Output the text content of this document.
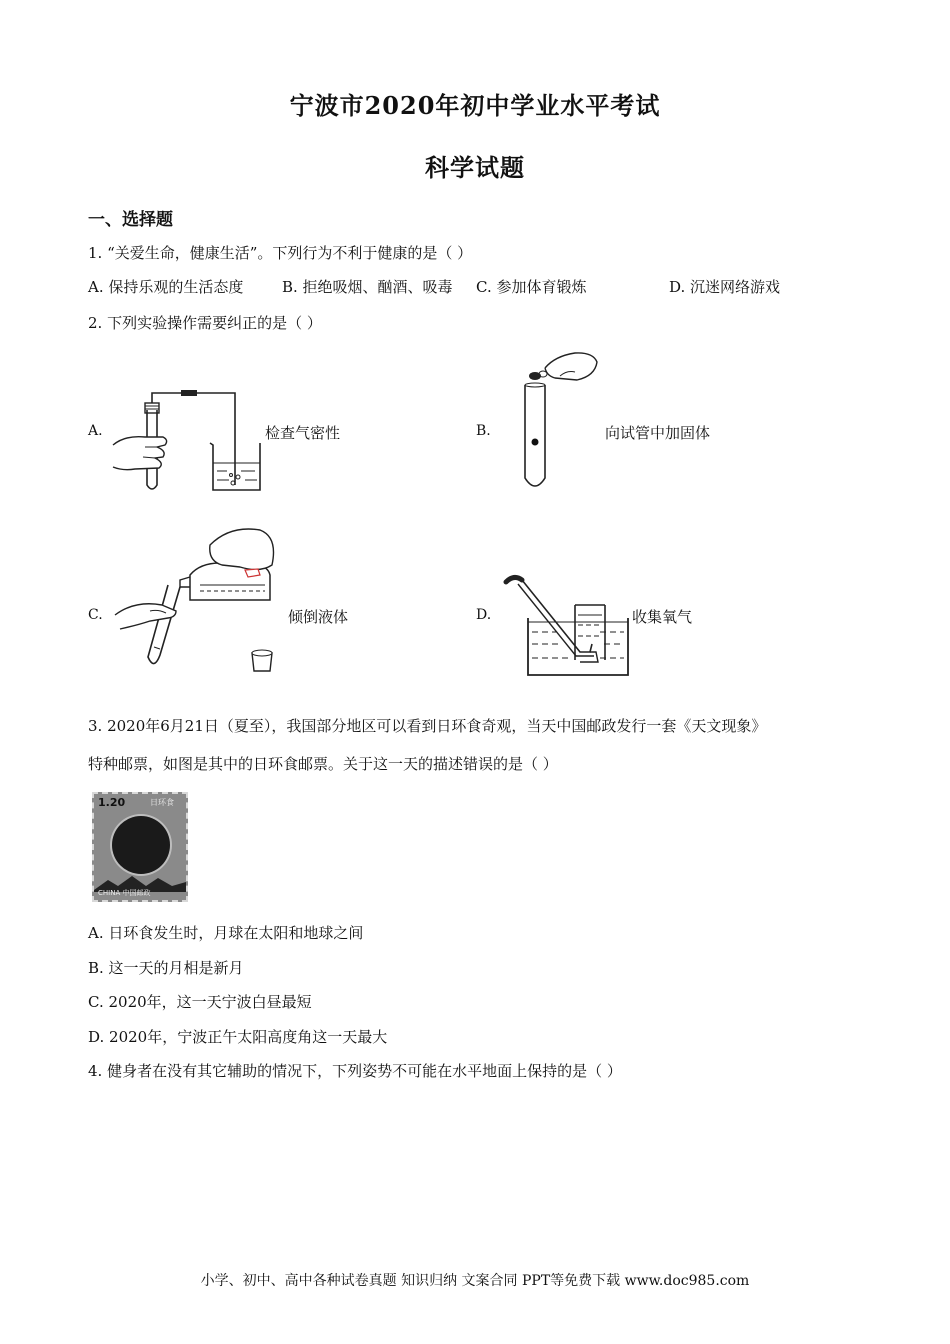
宁波市2020年初中学业水平考试
科学试题
一、选择题
1. “关爱生命，健康生活”。下列行为不利于健康的是（ ）
A. 保持乐观的生活态度	B. 拒绝吸烟、酗酒、吸毒 C. 参加体育锻炼	D. 沉迷网络游戏
2. 下列实验操作需要纠正的是（ ）
A.	检查气密性	B.	向试管中加固体
C.	倾倒液体	D.	收集氧气
3. 2020年6月21日（夏至），我国部分地区可以看到日环食奇观，当天中国邮政发行一套《天文现象》
特种邮票，如图是其中的日环食邮票。关于这一天的描述错误的是（ ）
1.20	日环食
CHINA 中国邮政
A. 日环食发生时，月球在太阳和地球之间
B. 这一天的月相是新月
C. 2020年，这一天宁波白昼最短
D. 2020年，宁波正午太阳高度角这一天最大
4. 健身者在没有其它辅助的情况下，下列姿势不可能在水平地面上保持的是（ ）
小学、初中、高中各种试卷真题 知识归纳 文案合同 PPT等免费下载 www.doc985.com
